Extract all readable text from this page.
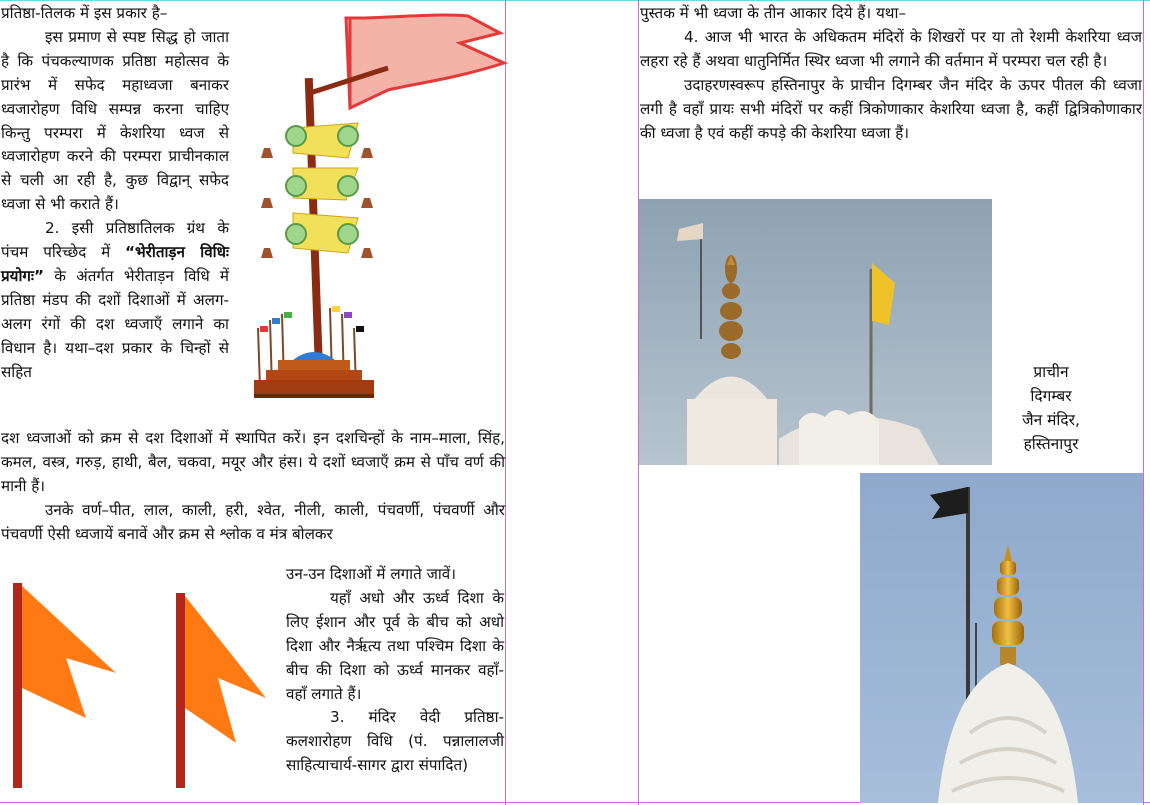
प्रतिष्ठा-तिलक में इस प्रकार है–

इस प्रमाण से स्पष्ट सिद्ध हो जाता है कि पंचकल्याणक प्रतिष्ठा महोत्सव के प्रारंभ में सफेद महाध्वजा बनाकर ध्वजारोहण विधि सम्पन्न करना चाहिए किन्तु परम्परा में केशरिया ध्वज से ध्वजारोहण करने की परम्परा प्राचीनकाल से चली आ रही है, कुछ विद्वान् सफेद ध्वजा से भी कराते हैं।

2. इसी प्रतिष्ठातिलक ग्रंथ के पंचम परिच्छेद में “भेरीताड़न विधिः प्रयोगः” के अंतर्गत भेरीताड़न विधि में प्रतिष्ठा मंडप की दशों दिशाओं में अलग-अलग रंगों की दश ध्वजाएँ लगाने का विधान है। यथा–दश प्रकार के चिन्हों से सहित

दश ध्वजाओं को क्रम से दश दिशाओं में स्थापित करें। इन दशचिन्हों के नाम–माला, सिंह, कमल, वस्त्र, गरुड़, हाथी, बैल, चकवा, मयूर और हंस। ये दशों ध्वजाएँ क्रम से पाँच वर्ण की मानी हैं।

उनके वर्ण–पीत, लाल, काली, हरी, श्वेत, नीली, काली, पंचवर्णी, पंचवर्णी और पंचवर्णी ऐसी ध्वजायें बनावें और क्रम से श्लोक व मंत्र बोलकर

उन-उन दिशाओं में लगाते जावें।

यहाँ अधो और ऊर्ध्व दिशा के लिए ईशान और पूर्व के बीच को अधो दिशा और नैर्ऋत्य तथा पश्चिम दिशा के बीच की दिशा को ऊर्ध्व मानकर वहाँ-वहाँ लगाते हैं।

3. मंदिर वेदी प्रतिष्ठा-कलशारोहण विधि (पं. पन्नालालजी साहित्याचार्य-सागर द्वारा संपादित)

पुस्तक में भी ध्वजा के तीन आकार दिये हैं। यथा–

4. आज भी भारत के अधिकतम मंदिरों के शिखरों पर या तो रेशमी केशरिया ध्वज लहरा रहे हैं अथवा धातुनिर्मित स्थिर ध्वजा भी लगाने की वर्तमान में परम्परा चल रही है।

उदाहरणस्वरूप हस्तिनापुर के प्राचीन दिगम्बर जैन मंदिर के ऊपर पीतल की ध्वजा लगी है वहाँ प्रायः सभी मंदिरों पर कहीं त्रिकोणाकार केशरिया ध्वजा है, कहीं द्वित्रिकोणाकार की ध्वजा है एवं कहीं कपड़े की केशरिया ध्वजा हैं।

प्राचीन
दिगम्बर
जैन मंदिर,
हस्तिनापुर
